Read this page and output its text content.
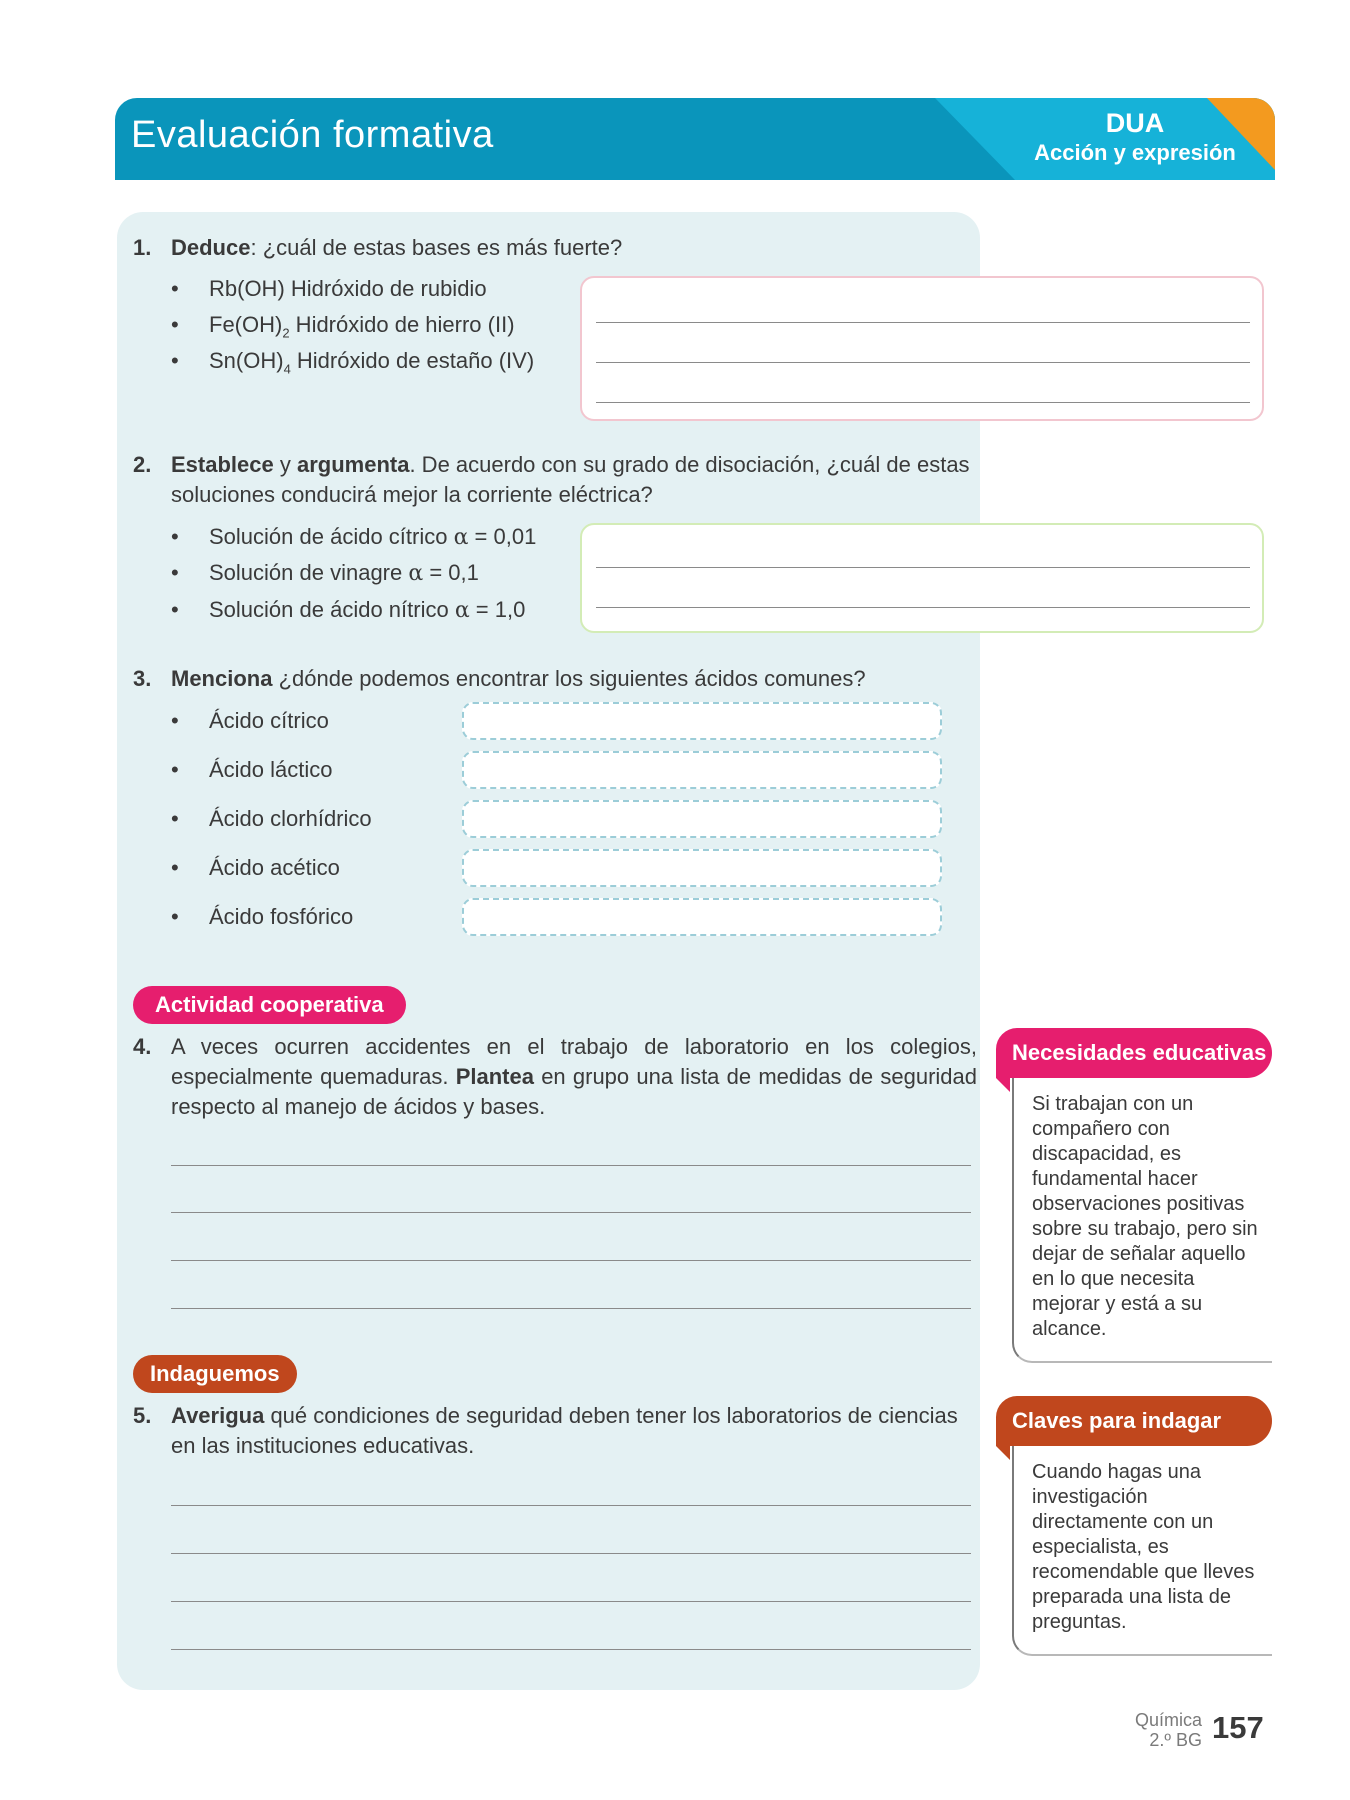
Evaluación formativa	DUA
Acción y expresión
1. Deduce: ¿cuál de estas bases es más fuerte?
• Rb(OH) Hidróxido de rubidio
• $Fe(OH)_2$ Hidróxido de hierro (II)
• $Sn(OH)_4$ Hidróxido de estaño (IV)
2. Establece y argumenta. De acuerdo con su grado de disociación, ¿cuál de estas soluciones conducirá mejor la corriente eléctrica?
• Solución de ácido cítrico α = 0,01
• Solución de vinagre α = 0,1
• Solución de ácido nítrico α = 1,0
3. Menciona ¿dónde podemos encontrar los siguientes ácidos comunes?
• Ácido cítrico
• Ácido láctico
• Ácido clorhídrico
• Ácido acético
• Ácido fosfórico
Actividad cooperativa
4. A veces ocurren accidentes en el trabajo de laboratorio en los colegios, especialmente quemaduras. Plantea en grupo una lista de medidas de seguridad respecto al manejo de ácidos y bases.
Indaguemos
5. Averigua qué condiciones de seguridad deben tener los laboratorios de ciencias en las instituciones educativas.
Necesidades educativas
Si trabajan con un compañero con discapacidad, es fundamental hacer observaciones positivas sobre su trabajo, pero sin dejar de señalar aquello en lo que necesita mejorar y está a su alcance.
Claves para indagar
Cuando hagas una investigación directamente con un especialista, es recomendable que lleves preparada una lista de preguntas.
Química
2.º BG 157
